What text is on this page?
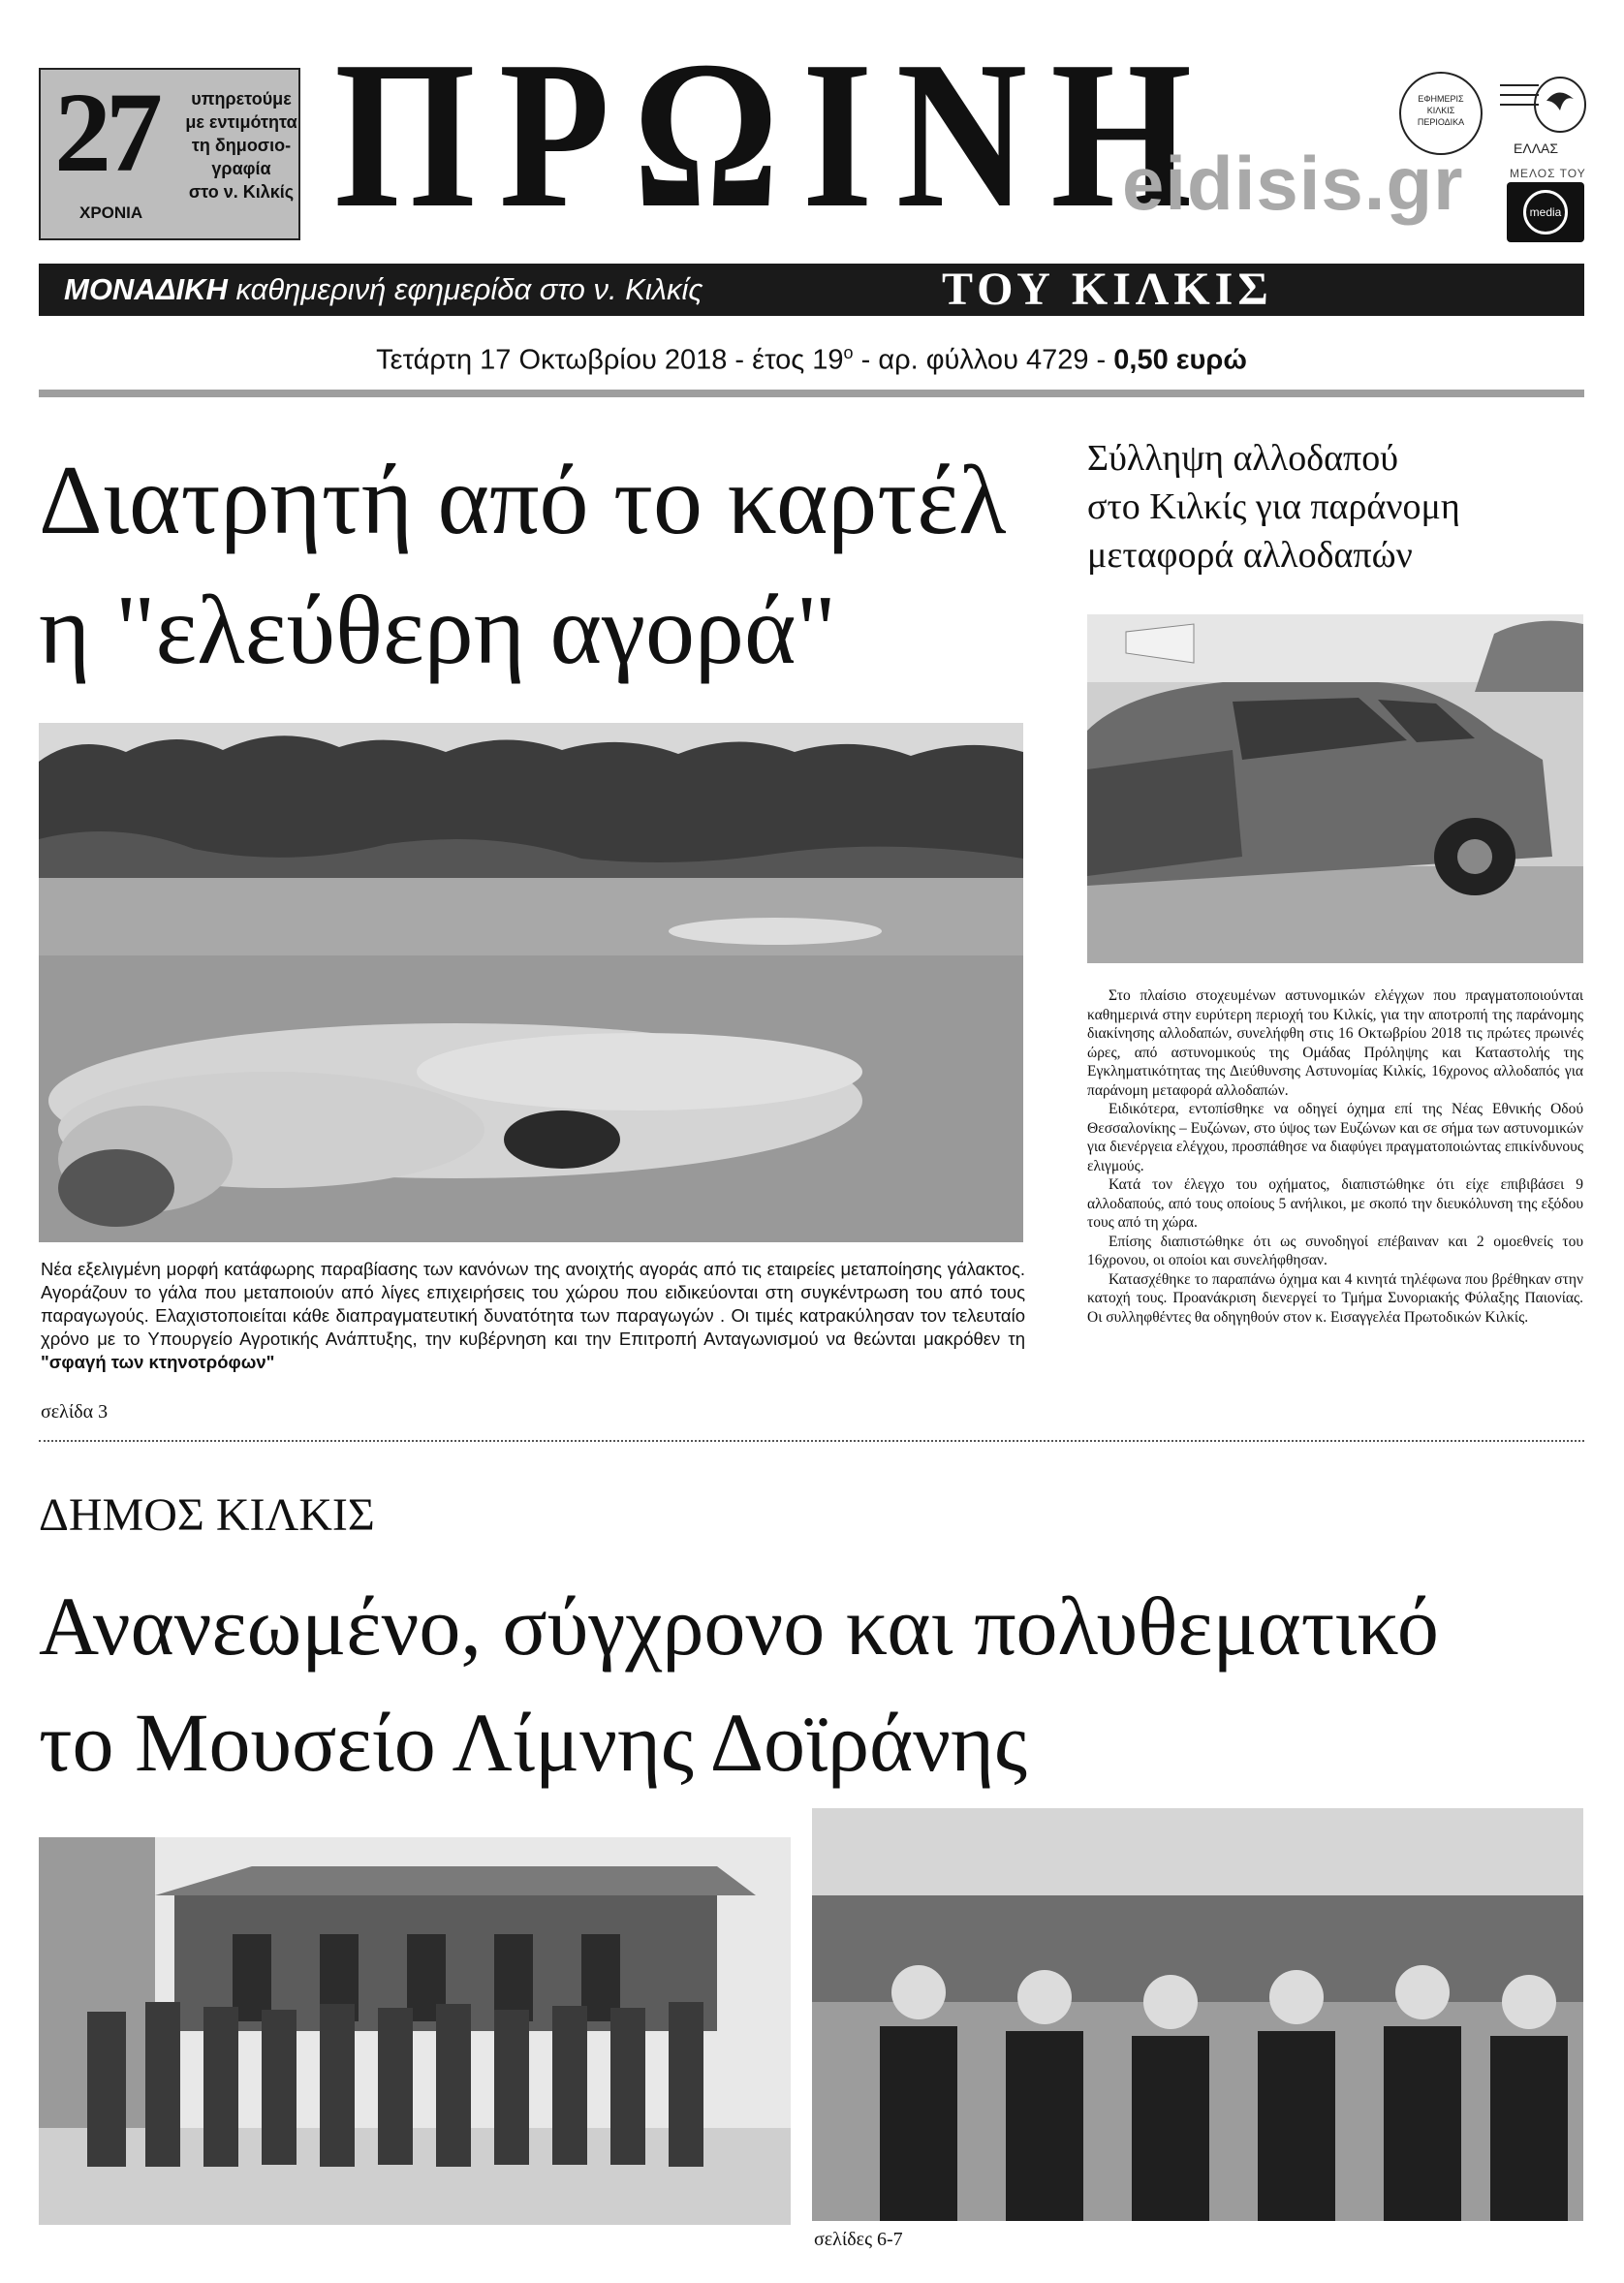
27
ΧΡΟΝΙΑ
υπηρετούμε
με εντιμότητα
τη δημοσιο-
γραφία
στο ν. Κιλκίς ΠΡΩΙΝΗ
eidisis.gr
ΕΦΗΜΕΡΙΣ
ΚΙΛΚΙΣ
ΠΕΡΙΟΔΙΚΑ
ΕΛΛΑΣ
ΜΕΛΟΣ ΤΟΥ
media
ΜΟΝΑΔΙΚΗ καθημερινή εφημερίδα στο ν. Κιλκίς	ΤΟΥ ΚΙΛΚΙΣ
Τετάρτη 17 Οκτωβρίου 2018 - έτος $19^o$ - αρ. φύλλου 4729 - 0,50 ευρώ
Διατρητή από το καρτέλ
η "ελεύθερη αγορά"
Νέα εξελιγμένη μορφή κατάφωρης παραβίασης των κανόνων της ανοιχτής αγοράς από τις εταιρείες μεταποίησης γάλακτος. Αγοράζουν το γάλα που μεταποιούν από λίγες επιχειρήσεις του χώρου που ειδικεύονται στη συγκέντρωση του από τους παραγωγούς. Ελαχιστοποιείται κάθε διαπραγματευτική δυνατότητα των παραγωγών . Οι τιμές κατρακύλησαν τον τελευταίο χρόνο με το Υπουργείο Αγροτικής Ανάπτυξης, την κυβέρνηση και την Επιτροπή Ανταγωνισμού να θεώνται μακρόθεν τη "σφαγή των κτηνοτρόφων"
σελίδα 3
Σύλληψη αλλοδαπού
στο Κιλκίς για παράνομη
μεταφορά αλλοδαπών

Στο πλαίσιο στοχευμένων αστυνομικών ελέγχων που πραγματοποιούνται καθημερινά στην ευρύτερη περιοχή του Κιλκίς, για την αποτροπή της παράνομης διακίνησης αλλοδαπών, συνελήφθη στις 16 Οκτωβρίου 2018 τις πρώτες πρωινές ώρες, από αστυνομικούς της Ομάδας Πρόληψης και Καταστολής της Εγκληματικότητας της Διεύθυνσης Αστυνομίας Κιλκίς, 16χρονος αλλοδαπός για παράνομη μεταφορά αλλοδαπών.

Ειδικότερα, εντοπίσθηκε να οδηγεί όχημα επί της Νέας Εθνικής Οδού Θεσσαλονίκης – Ευζώνων, στο ύψος των Ευζώνων και σε σήμα των αστυνομικών για διενέργεια ελέγχου, προσπάθησε να διαφύγει πραγματοποιώντας επικίνδυνους ελιγμούς.

Κατά τον έλεγχο του οχήματος, διαπιστώθηκε ότι είχε επιβιβάσει 9 αλλοδαπούς, από τους οποίους 5 ανήλικοι, με σκοπό την διευκόλυνση της εξόδου τους από τη χώρα.

Επίσης διαπιστώθηκε ότι ως συνοδηγοί επέβαιναν και 2 ομοεθνείς του 16χρονου, οι οποίοι και συνελήφθησαν.

Κατασχέθηκε το παραπάνω όχημα και 4 κινητά τηλέφωνα που βρέθηκαν στην κατοχή τους. Προανάκριση διενεργεί το Τμήμα Συνοριακής Φύλαξης Παιονίας. Οι συλληφθέντες θα οδηγηθούν στον κ. Εισαγγελέα Πρωτοδικών Κιλκίς.

ΔΗΜΟΣ ΚΙΛΚΙΣ
Ανανεωμένο, σύγχρονο και πολυθεματικό
το Μουσείο Λίμνης Δοϊράνης
σελίδες 6-7
